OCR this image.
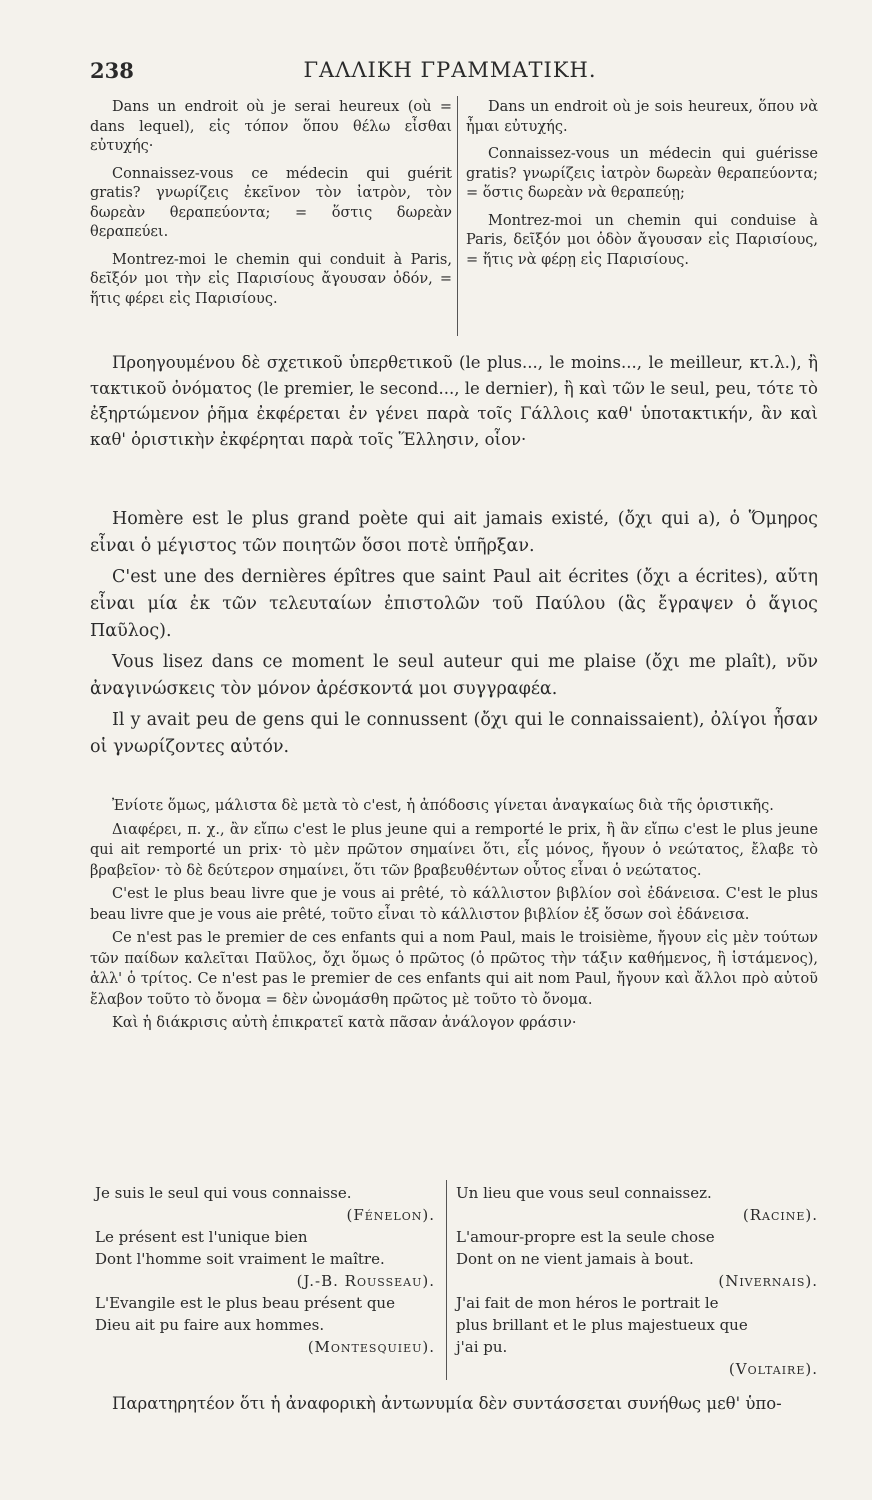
238	ΓΑΛΛΙΚΗ ΓΡΑΜΜΑΤΙΚΗ.

Dans un endroit où je serai heureux (où = dans lequel), εἰς τόπον ὅπου θέλω εἶσθαι εὐτυχής·

Connaissez-vous ce médecin qui guérit gratis? γνωρίζεις ἐκεῖνον τὸν ἰατρὸν, τὸν δωρεὰν θεραπεύοντα; = ὅστις δωρεὰν θεραπεύει.

Montrez-moi le chemin qui conduit à Paris, δεῖξόν μοι τὴν εἰς Παρισίους ἄγουσαν ὁδόν, = ἥτις φέρει εἰς Παρισίους.

Dans un endroit où je sois heureux, ὅπου νὰ ἦμαι εὐτυχής.

Connaissez-vous un médecin qui guérisse gratis? γνωρίζεις ἰατρὸν δωρεὰν θεραπεύοντα; = ὅστις δωρεὰν νὰ θεραπεύῃ;

Montrez-moi un chemin qui conduise à Paris, δεῖξόν μοι ὁδὸν ἄγουσαν εἰς Παρισίους, = ἥτις νὰ φέρῃ εἰς Παρισίους.

Προηγουμένου δὲ σχετικοῦ ὑπερθετικοῦ (le plus..., le moins..., le meilleur, κτ.λ.), ἢ τακτικοῦ ὀνόματος (le premier, le second..., le dernier), ἢ καὶ τῶν le seul, peu, τότε τὸ ἐξηρτώμενον ῥῆμα ἐκφέρεται ἐν γένει παρὰ τοῖς Γάλλοις καθ' ὑποτακτικήν, ἂν καὶ καθ' ὁριστικὴν ἐκφέρηται παρὰ τοῖς Ἕλλησιν, οἷον·

Homère est le plus grand poète qui ait jamais existé, (ὄχι qui a), ὁ Ὅμηρος εἶναι ὁ μέγιστος τῶν ποιητῶν ὅσοι ποτὲ ὑπῆρξαν.

C'est une des dernières épîtres que saint Paul ait écrites (ὄχι a écrites), αὕτη εἶναι μία ἐκ τῶν τελευταίων ἐπιστολῶν τοῦ Παύλου (ἃς ἔγραψεν ὁ ἅγιος Παῦλος).

Vous lisez dans ce moment le seul auteur qui me plaise (ὄχι me plaît), νῦν ἀναγινώσκεις τὸν μόνον ἀρέσκοντά μοι συγγραφέα.

Il y avait peu de gens qui le connussent (ὄχι qui le connaissaient), ὀλίγοι ἦσαν οἱ γνωρίζοντες αὐτόν.

Ἐνίοτε ὅμως, μάλιστα δὲ μετὰ τὸ c'est, ἡ ἀπόδοσις γίνεται ἀναγκαίως διὰ τῆς ὁριστικῆς.

Διαφέρει, π. χ., ἂν εἴπω c'est le plus jeune qui a remporté le prix, ἢ ἂν εἴπω c'est le plus jeune qui ait remporté un prix· τὸ μὲν πρῶτον σημαίνει ὅτι, εἷς μόνος, ἤγουν ὁ νεώτατος, ἔλαβε τὸ βραβεῖον· τὸ δὲ δεύτερον σημαίνει, ὅτι τῶν βραβευθέντων οὗτος εἶναι ὁ νεώτατος.

C'est le plus beau livre que je vous ai prêté, τὸ κάλλιστον βιβλίον σοὶ ἐδάνεισα. C'est le plus beau livre que je vous aie prêté, τοῦτο εἶναι τὸ κάλλιστον βιβλίον ἐξ ὅσων σοὶ ἐδάνεισα.

Ce n'est pas le premier de ces enfants qui a nom Paul, mais le troisième, ἤγουν εἰς μὲν τούτων τῶν παίδων καλεῖται Παῦλος, ὄχι ὅμως ὁ πρῶτος (ὁ πρῶτος τὴν τάξιν καθήμενος, ἢ ἱστάμενος), ἀλλ' ὁ τρίτος. Ce n'est pas le premier de ces enfants qui ait nom Paul, ἤγουν καὶ ἄλλοι πρὸ αὐτοῦ ἔλαβον τοῦτο τὸ ὄνομα = δὲν ὠνομάσθη πρῶτος μὲ τοῦτο τὸ ὄνομα.

Καὶ ἡ διάκρισις αὐτὴ ἐπικρατεῖ κατὰ πᾶσαν ἀνάλογον φράσιν·

Je suis le seul qui vous connaisse.
(Fénelon).
Le présent est l'unique bien
Dont l'homme soit vraiment le maître.
(J.-B. Rousseau).
L'Evangile est le plus beau présent que
Dieu ait pu faire aux hommes.
(Montesquieu).
Un lieu que vous seul connaissez.
(Racine).
L'amour-propre est la seule chose
Dont on ne vient jamais à bout.
(Nivernais).
J'ai fait de mon héros le portrait le
plus brillant et le plus majestueux que
j'ai pu.
(Voltaire).
Παρατηρητέον ὅτι ἡ ἀναφορικὴ ἀντωνυμία δὲν συντάσσεται συνήθως μεθ' ὑπο-
